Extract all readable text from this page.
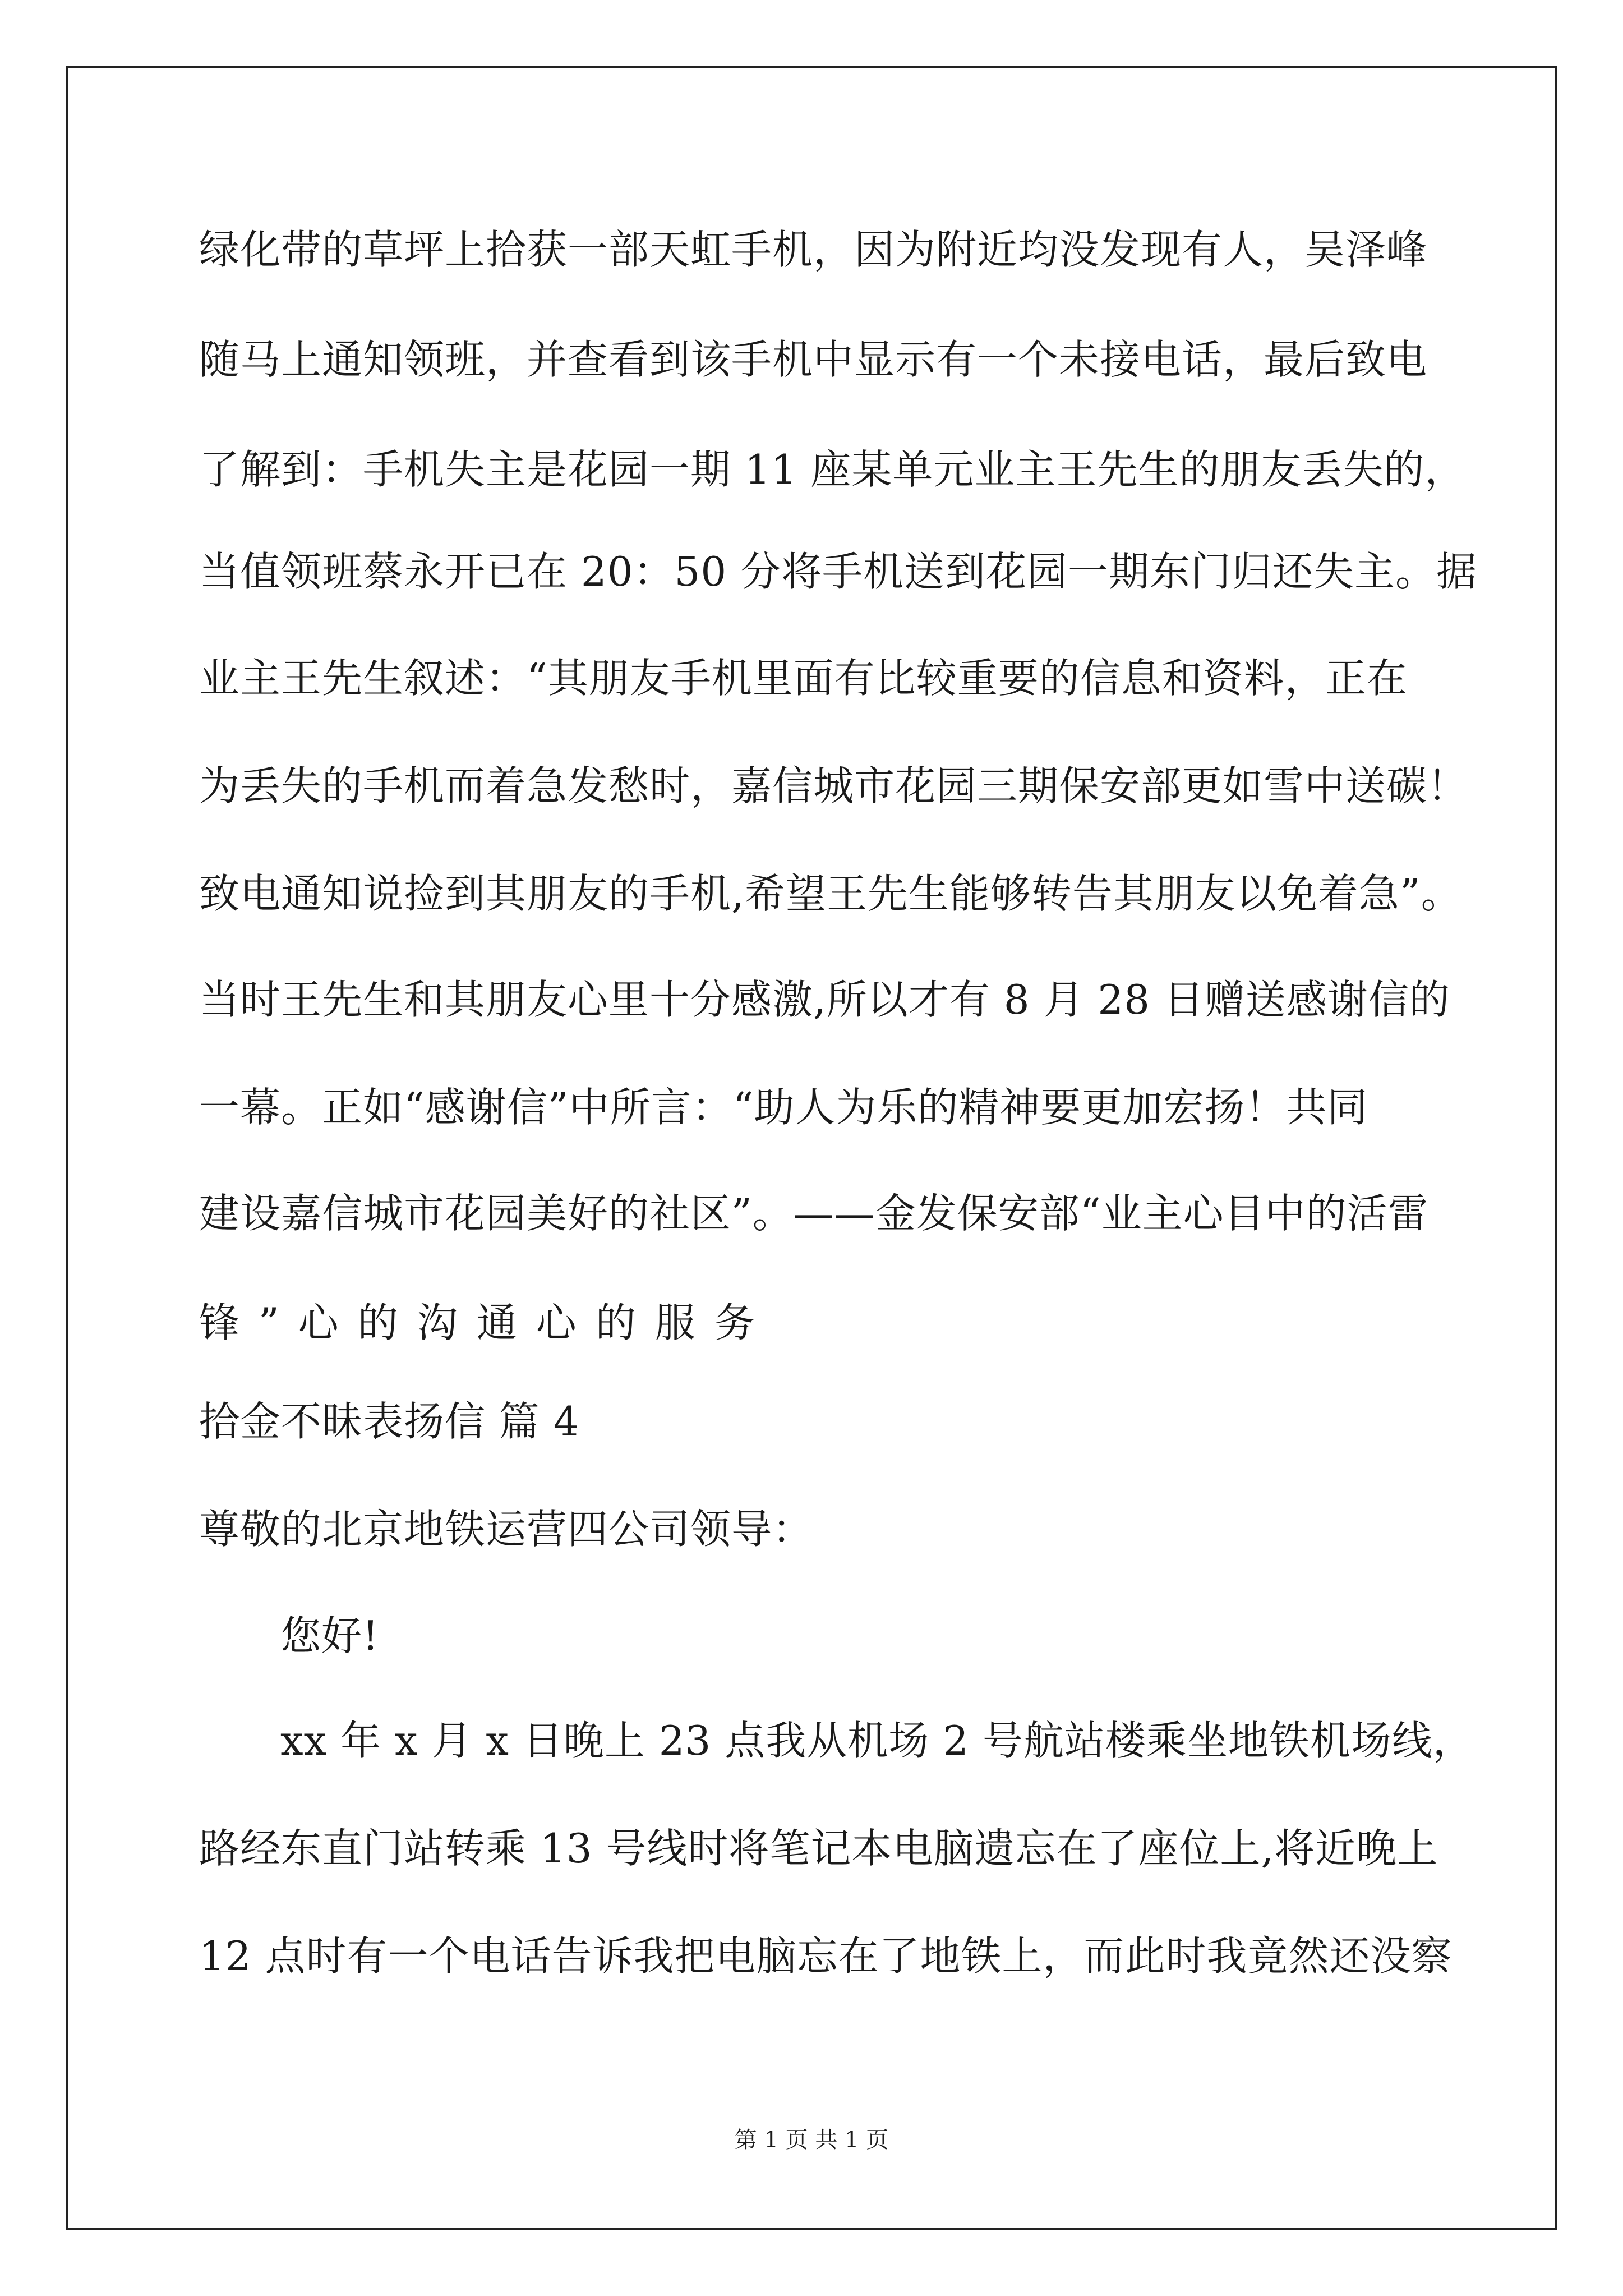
绿化带的草坪上拾获一部天虹手机，因为附近均没发现有人，吴泽峰
随马上通知领班，并查看到该手机中显示有一个未接电话，最后致电
了解到：手机失主是花园一期 11 座某单元业主王先生的朋友丢失的，
当值领班蔡永开已在 20：50 分将手机送到花园一期东门归还失主。据
业主王先生叙述：“其朋友手机里面有比较重要的信息和资料，正在
为丢失的手机而着急发愁时，嘉信城市花园三期保安部更如雪中送碳！
致电通知说捡到其朋友的手机,希望王先生能够转告其朋友以免着急”。
当时王先生和其朋友心里十分感激,所以才有 8 月 28 日赠送感谢信的
一幕。正如“感谢信”中所言：“助人为乐的精神要更加宏扬！共同
建设嘉信城市花园美好的社区”。——金发保安部“业主心目中的活雷
锋”心的沟通心的服务
拾金不昧表扬信 篇 4
尊敬的北京地铁运营四公司领导：
您好!
xx 年 x 月 x 日晚上 23 点我从机场 2 号航站楼乘坐地铁机场线，
路经东直门站转乘 13 号线时将笔记本电脑遗忘在了座位上,将近晚上
12 点时有一个电话告诉我把电脑忘在了地铁上，而此时我竟然还没察
第 1 页 共 1 页
